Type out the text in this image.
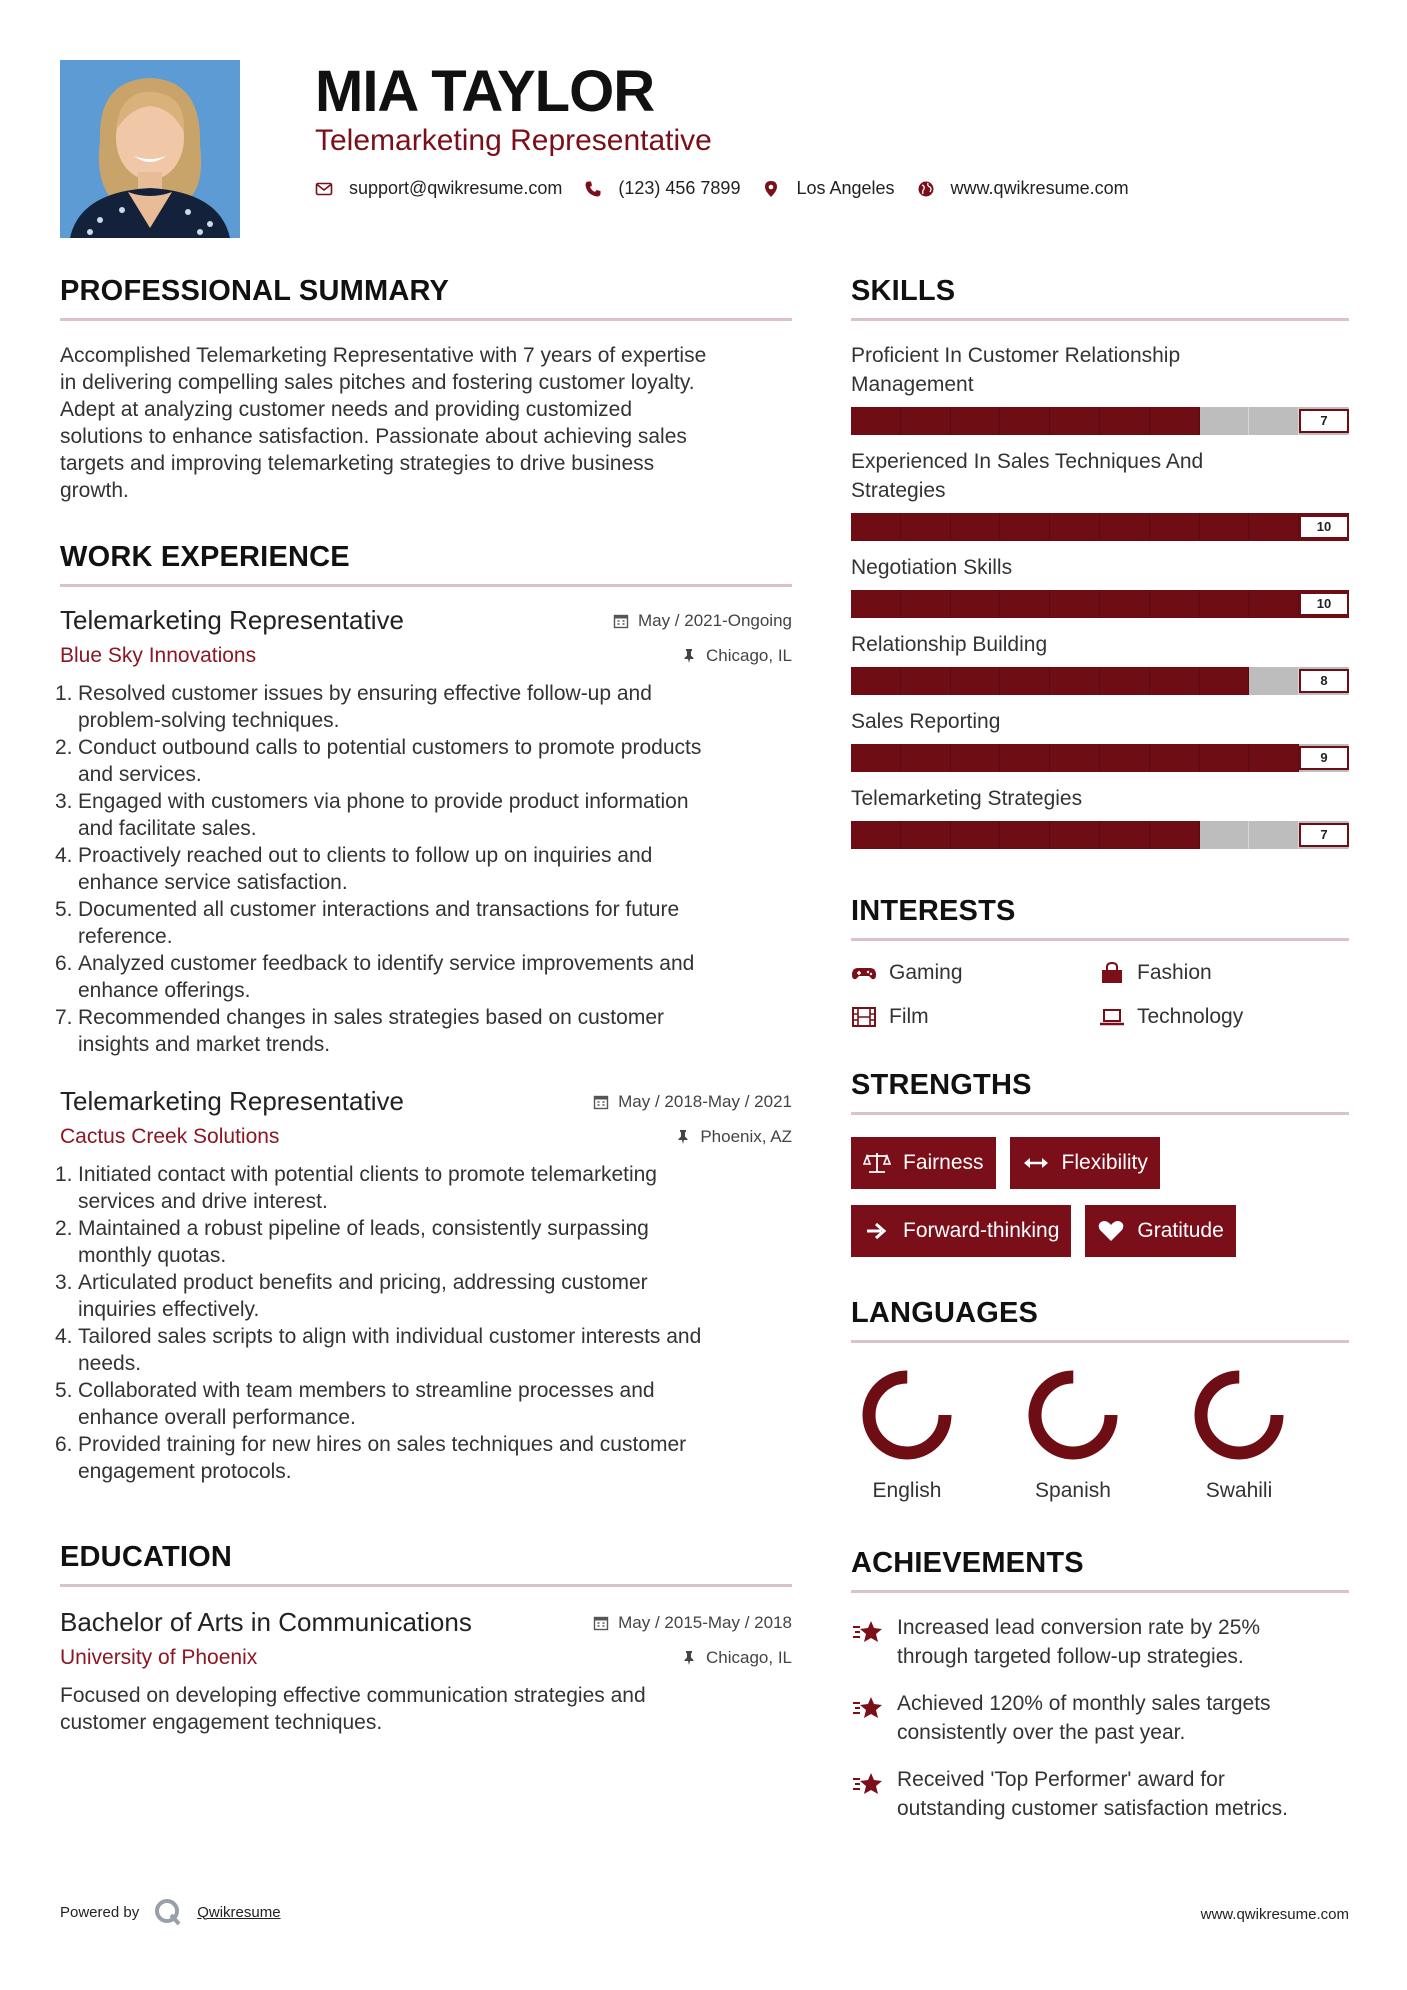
MIA TAYLOR
Telemarketing Representative
support@qwikresume.com	(123) 456 7899	Los Angeles	www.qwikresume.com
PROFESSIONAL SUMMARY
Accomplished Telemarketing Representative with 7 years of expertise
in delivering compelling sales pitches and fostering customer loyalty.
Adept at analyzing customer needs and providing customized
solutions to enhance satisfaction. Passionate about achieving sales
targets and improving telemarketing strategies to drive business
growth.
WORK EXPERIENCE
May / 2021-Ongoing
Chicago, IL
Telemarketing Representative
Blue Sky Innovations
1. Resolved customer issues by ensuring effective follow-up and
problem-solving techniques.
2. Conduct outbound calls to potential customers to promote products
and services.
3. Engaged with customers via phone to provide product information
and facilitate sales.
4. Proactively reached out to clients to follow up on inquiries and
enhance service satisfaction.
5. Documented all customer interactions and transactions for future
reference.
6. Analyzed customer feedback to identify service improvements and
enhance offerings.
7. Recommended changes in sales strategies based on customer
insights and market trends.
May / 2018-May / 2021
Phoenix, AZ
Telemarketing Representative
Cactus Creek Solutions
1. Initiated contact with potential clients to promote telemarketing
services and drive interest.
2. Maintained a robust pipeline of leads, consistently surpassing
monthly quotas.
3. Articulated product benefits and pricing, addressing customer
inquiries effectively.
4. Tailored sales scripts to align with individual customer interests and
needs.
5. Collaborated with team members to streamline processes and
enhance overall performance.
6. Provided training for new hires on sales techniques and customer
engagement protocols.
EDUCATION
May / 2015-May / 2018
Chicago, IL
Bachelor of Arts in Communications
University of Phoenix
Focused on developing effective communication strategies and
customer engagement techniques.
SKILLS
Proficient In Customer Relationship
Management
7
Experienced In Sales Techniques And
Strategies
10
Negotiation Skills
10
Relationship Building
8
Sales Reporting
9
Telemarketing Strategies
7
INTERESTS
Gaming	Fashion
Film	Technology
STRENGTHS
Fairness	Flexibility
Forward-thinking	Gratitude
LANGUAGES
English	Spanish	Swahili
ACHIEVEMENTS
Increased lead conversion rate by 25%
through targeted follow-up strategies.
Achieved 120% of monthly sales targets
consistently over the past year.
Received 'Top Performer' award for
outstanding customer satisfaction metrics.
Powered by	Qwikresume	www.qwikresume.com
